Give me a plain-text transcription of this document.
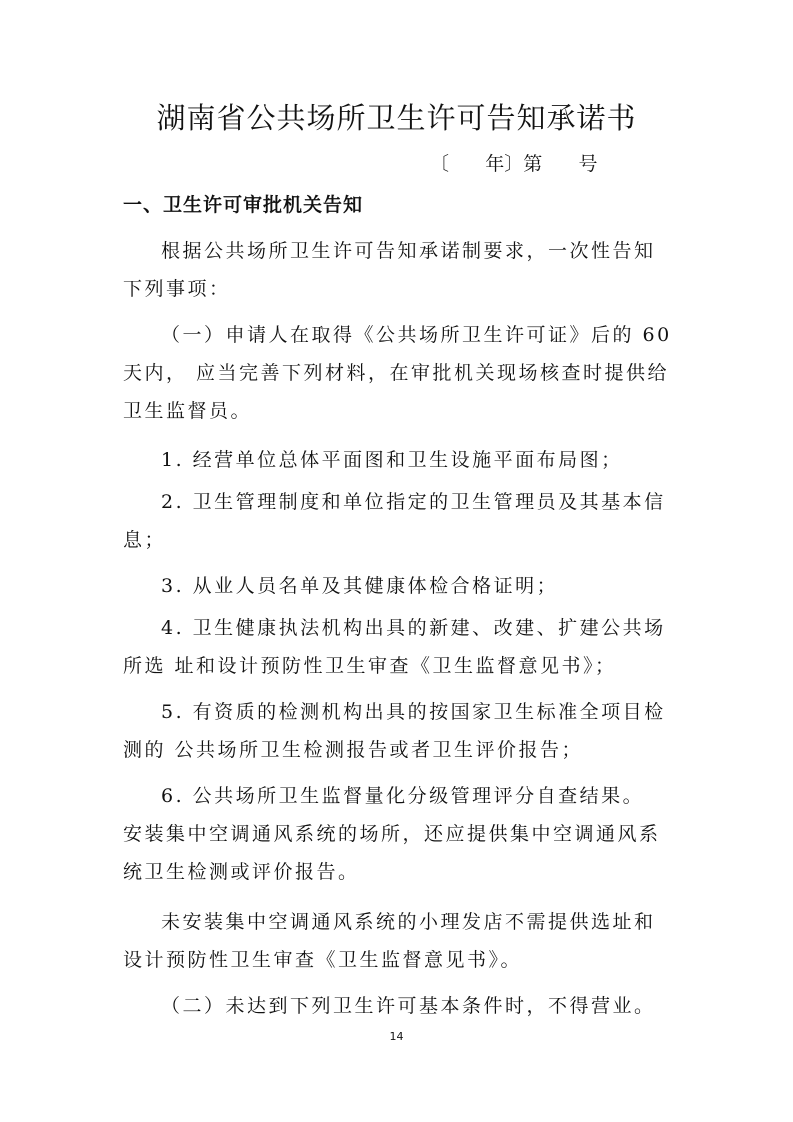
湖南省公共场所卫生许可告知承诺书
〔      年〕第      号
一、卫生许可审批机关告知

根据公共场所卫生许可告知承诺制要求，一次性告知下列事项：

（一）申请人在取得《公共场所卫生许可证》后的 60 天内， 应当完善下列材料，在审批机关现场核查时提供给卫生监督员。

1. 经营单位总体平面图和卫生设施平面布局图；

2. 卫生管理制度和单位指定的卫生管理员及其基本信息；

3. 从业人员名单及其健康体检合格证明；

4. 卫生健康执法机构出具的新建、改建、扩建公共场所选 址和设计预防性卫生审查《卫生监督意见书》；

5. 有资质的检测机构出具的按国家卫生标准全项目检测的 公共场所卫生检测报告或者卫生评价报告；

6. 公共场所卫生监督量化分级管理评分自查结果。 安装集中空调通风系统的场所，还应提供集中空调通风系统卫生检测或评价报告。

未安装集中空调通风系统的小理发店不需提供选址和设计预防性卫生审查《卫生监督意见书》。

（二）未达到下列卫生许可基本条件时，不得营业。

14
